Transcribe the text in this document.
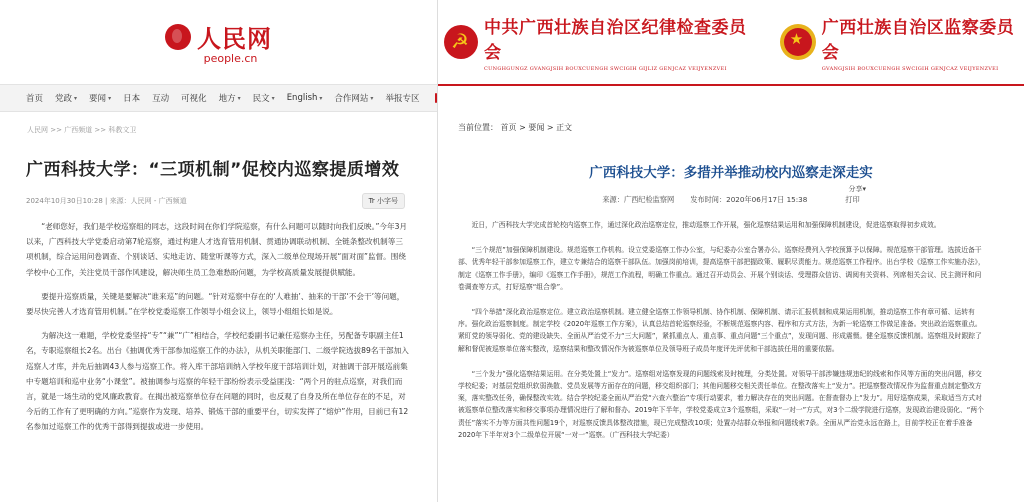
人民网
people.cn
首页 党政 ▾ 要闻 ▾ 日本 互动 可视化 地方 ▾ 民文 ▾ English ▾ 合作网站 ▾ 举报专区
人民网 >> 广西频道 >> 科教文卫
广西科技大学：“三项机制”促校内巡察提质增效
2024年10月30日10:28 | 来源：人民网 - 广西频道	Tr 小字号

“老师您好，我们是学校巡察组的同志，这段时间在你们学院巡察，有什么问题可以随时向我们反映。”今年3月以来，广西科技大学党委启动第7轮巡察，通过构建人才选育管用机制、贯通协调联动机制、全链条整改机制等三项机制，综合运用问卷调查、个别谈话、实地走访、随堂听课等方式，深入二级单位现场开展“面对面”监督。围绕学校中心工作，关注党员干部作风建设，解决师生员工急难愁盼问题，为学校高质量发展提供赋能。

要提升巡察质量，关键是要解决“谁来巡”的问题。“针对巡察中存在的‘人难抽’、抽来的干部‘不会干’等问题，要尽快完善人才选育管用机制。”在学校党委巡察工作领导小组会议上，领导小组组长如是说。

为解决这一难题，学校党委坚持“专”“兼”“广”相结合，学校纪委副书记兼任巡察办主任，另配备专职副主任1名，专职巡察组长2名。出台《抽调优秀干部参加巡察工作的办法》，从机关职能部门、二级学院选拔89名干部加入巡察人才库，并先后抽调43人参与巡察工作。将入库干部培训纳入学校年度干部培训计划，对抽调干部开展巡前集中专题培训和巡中业务“小课堂”。被抽调参与巡察的年轻干部纷纷表示受益匪浅：“两个月的驻点巡察，对我们而言，就是一场生动的党风廉政教育。在揭出被巡察单位存在问题的同时，也反观了自身及所在单位存在的不足，对今后的工作有了更明确的方向。”巡察作为发现、培养、锻炼干部的重要平台，切实发挥了“熔炉”作用，目前已有12名参加过巡察工作的优秀干部得到提拔或进一步使用。

☭
中共广西壮族自治区纪律检查委员会
CUNGHGUNGZ GVANGJSIH BOUXCUENGH SWCIGIH GIJLIZ GENJCAZ VEIJYENZVEI
★
广西壮族自治区监察委员会
GVANGJSIH BOUXCUENGH SWCIGIH GENJCAZ VEIJYENZVEI
当前位置： 首页 > 要闻 > 正文
广西科技大学：多措并举推动校内巡察走深走实
来源：广西纪检监察网 发布时间：2020年06月17日 15:38
分享▾
打印

近日，广西科技大学完成首轮校内巡察工作，通过深化政治巡察定位，推动巡察工作开展，强化巡察结果运用和加强保障机制建设，促进巡察取得初步成效。

“三个规范”加强保障机制建设。规范巡察工作机构。设立党委巡察工作办公室，与纪委办公室合署办公。巡察经费列入学校预算予以保障。规范巡察干部管理。选拔近备干部、优秀年轻干部参加巡察工作，建立专兼结合的巡察干部队伍。加强岗前培训，提高巡察干部把握政策、履职尽责能力。规范巡察工作程序。出台学校《巡察工作实施办法》，制定《巡察工作手册》，编印《巡察工作手册》，规范工作流程，明确工作重点。通过召开动员会、开展个别谈话、受理群众信访、调阅有关资料、列席相关会议、民主测评和问卷调查等方式，打好巡察“组合拳”。

“四个举措”深化政治巡察定位。建立政治巡察机制。建立健全巡察工作领导机制、协作机制、保障机制、请示汇报机制和成果运用机制，推动巡察工作有章可循、运转有序。强化政治巡察制度。制定学校《2020年巡察工作方案》，认真总结首轮巡察经验，不断规范巡察内容、程序和方式方法，为新一轮巡察工作做足准备。突出政治巡察重点。紧盯党的领导弱化、党的建设缺失、全面从严治党不力“三大问题”，紧抓重点人、重点事、重点问题“三个重点”，发现问题、形成震慑。健全巡察反馈机制。巡察组及时跟踪了解和督促被巡察单位落实整改，巡察结果和整改情况作为被巡察单位及领导班子成员年度评先评优和干部选拔任用的重要依据。

“三个发力”强化巡察结果运用。在分类处置上“发力”。巡察组对巡察发现的问题线索及时梳理，分类处置。对领导干部涉嫌违规违纪的线索和作风等方面的突出问题，移交学校纪委；对基层党组织软弱涣散、党员发展等方面存在的问题，移交组织部门；其他问题移交相关责任单位。在整改落实上“发力”。把巡察整改情况作为监督重点制定整改方案，落实整改任务，确保整改实效。结合学校纪委全面从严治党“六查六整治”专项行动要求，着力解决存在的突出问题。在督查督办上“发力”。用好巡察成果，采取适当方式对被巡察单位整改落实和移交事项办理情况进行了解和督办。2019年下半年，学校党委成立3个巡察组，采取“一对一”方式，对3个二级学院进行巡察，发现政治建设弱化、“两个责任”落实不力等方面共性问题19个，对巡察反馈具体整改措施，现已完成整改10项；处置办结群众举报和问题线索7条。全面从严治党永远在路上，目前学校正在着手准备2020年下半年对3个二级单位开展“一对一”巡察。（广西科技大学纪委）
